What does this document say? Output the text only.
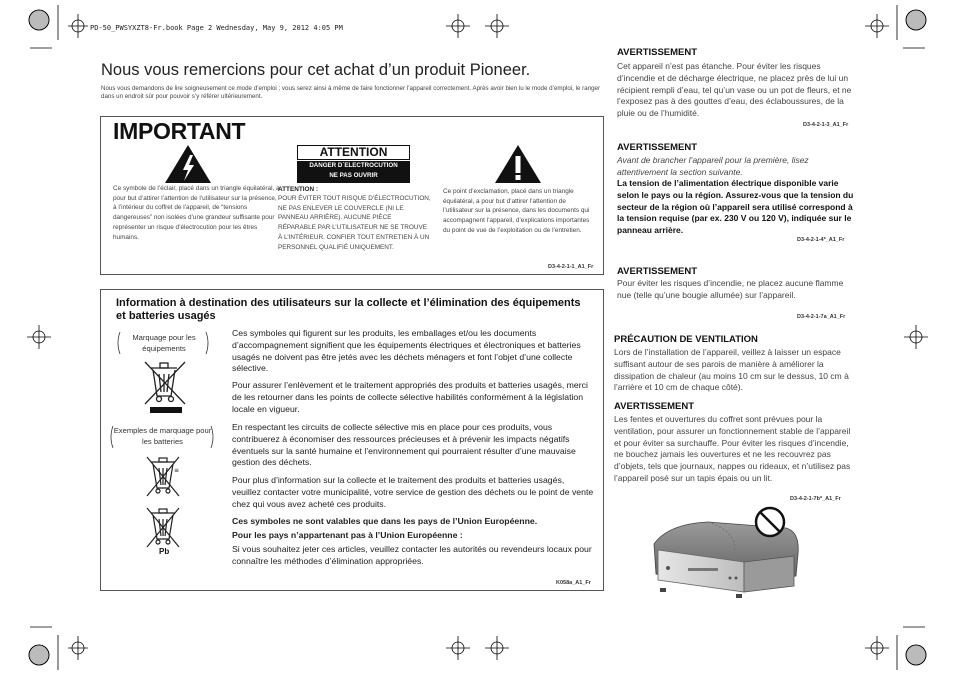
PD-50_PWSYXZT8-Fr.book Page 2 Wednesday, May 9, 2012 4:05 PM
Nous vous remercions pour cet achat d’un produit Pioneer.
Nous vous demandons de lire soigneusement ce mode d’emploi ; vous serez ainsi à même de faire fonctionner l’appareil correctement. Après avoir bien lu le mode d’emploi, le ranger dans un endroit sûr pour pouvoir s’y référer ultérieurement.
IMPORTANT
Ce symbole de l’éclair, placé dans un triangle équilatéral, a pour but d’attirer l’attention de l’utilisateur sur la présence, à l’intérieur du coffret de l’appareil, de “tensions dangereuses” non isolées d’une grandeur suffisante pour représenter un risque d’électrocution pour les êtres humains.
ATTENTION
DANGER D´ELECTROCUTION
NE PAS OUVRIR
ATTENTION :
POUR ÉVITER TOUT RISQUE D’ÉLECTROCUTION, NE PAS ENLEVER LE COUVERCLE (NI LE PANNEAU ARRIÈRE). AUCUNE PIÈCE RÉPARABLE PAR L’UTILISATEUR NE SE TROUVE À L’INTÉRIEUR. CONFIER TOUT ENTRETIEN À UN PERSONNEL QUALIFIÉ UNIQUEMENT.
Ce point d’exclamation, placé dans un triangle équilatéral, a pour but d’attirer l’attention de l’utilisateur sur la présence, dans les documents qui accompagnent l’appareil, d’explications importantes du point de vue de l’exploitation ou de l’entretien.
D3-4-2-1-1_A1_Fr
Information à destination des utilisateurs sur la collecte et l’élimination des équipements et batteries usagés
Marquage pour les équipements
Exemples de marquage pour les batteries
≡
Pb
Ces symboles qui figurent sur les produits, les emballages et/ou les documents d’accompagnement signifient que les équipements électriques et électroniques et batteries usagés ne doivent pas être jetés avec les déchets ménagers et font l’objet d’une collecte sélective.
Pour assurer l’enlèvement et le traitement appropriés des produits et batteries usagés, merci de les retourner dans les points de collecte sélective habilités conformément à la législation locale en vigueur.
En respectant les circuits de collecte sélective mis en place pour ces produits, vous contribuerez à économiser des ressources précieuses et à prévenir les impacts négatifs éventuels sur la santé humaine et l’environnement qui pourraient résulter d’une mauvaise gestion des déchets.
Pour plus d’information sur la collecte et le traitement des produits et batteries usagés, veuillez contacter votre municipalité, votre service de gestion des déchets ou le point de vente chez qui vous avez acheté ces produits.
Ces symboles ne sont valables que dans les pays de l’Union Européenne.
Pour les pays n’appartenant pas à l’Union Européenne :
Si vous souhaitez jeter ces articles, veuillez contacter les autorités ou revendeurs locaux pour connaître les méthodes d’élimination appropriées.
K058a_A1_Fr
AVERTISSEMENT
Cet appareil n’est pas étanche. Pour éviter les risques d’incendie et de décharge électrique, ne placez près de lui un récipient rempli d’eau, tel qu’un vase ou un pot de fleurs, et ne l’exposez pas à des gouttes d’eau, des éclaboussures, de la pluie ou de l’humidité.
D3-4-2-1-3_A1_Fr
AVERTISSEMENT
Avant de brancher l’appareil pour la première, lisez attentivement la section suivante.
La tension de l’alimentation électrique disponible varie selon le pays ou la région. Assurez-vous que la tension du secteur de la région où l’appareil sera utilisé correspond à la tension requise (par ex. 230 V ou 120 V), indiquée sur le panneau arrière.
D3-4-2-1-4*_A1_Fr
AVERTISSEMENT
Pour éviter les risques d’incendie, ne placez aucune flamme nue (telle qu’une bougie allumée) sur l’appareil.
D3-4-2-1-7a_A1_Fr
PRÉCAUTION DE VENTILATION
Lors de l’installation de l’appareil, veillez à laisser un espace suffisant autour de ses parois de manière à améliorer la dissipation de chaleur (au moins 10 cm sur le dessus, 10 cm à l’arrière et 10 cm de chaque côté).
AVERTISSEMENT
Les fentes et ouvertures du coffret sont prévues pour la ventilation, pour assurer un fonctionnement stable de l’appareil et pour éviter sa surchauffe. Pour éviter les risques d’incendie, ne bouchez jamais les ouvertures et ne les recouvrez pas d’objets, tels que journaux, nappes ou rideaux, et n’utilisez pas l’appareil posé sur un tapis épais ou un lit.
D3-4-2-1-7b*_A1_Fr
